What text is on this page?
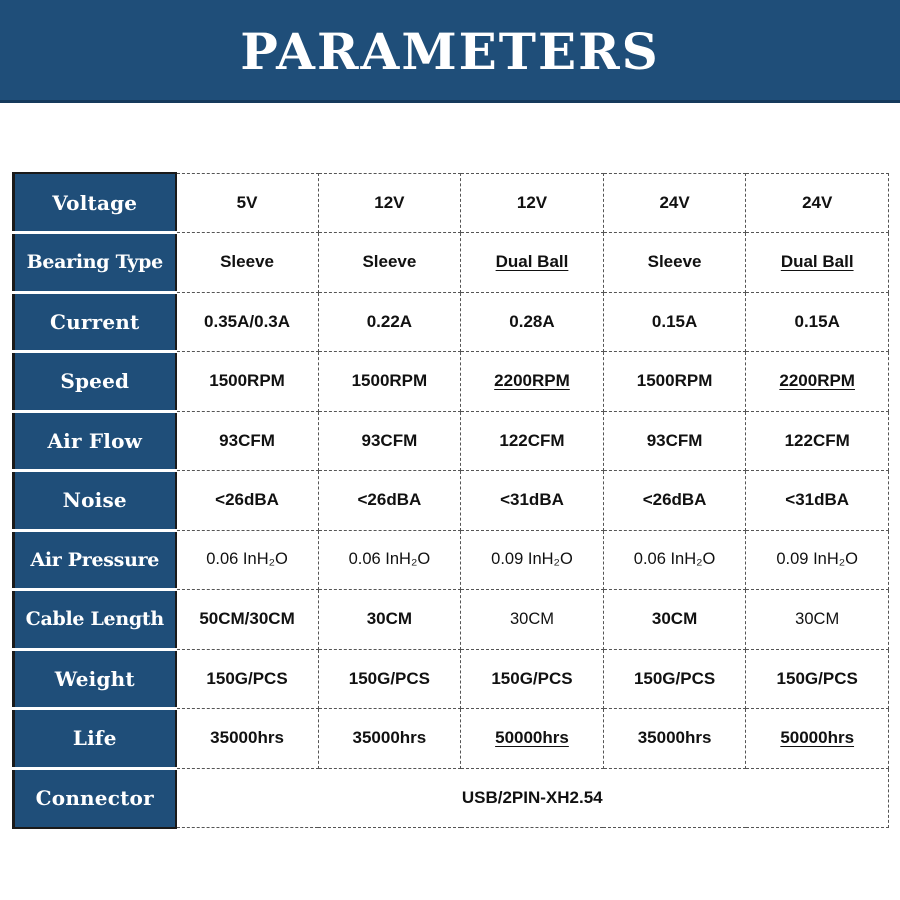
PARAMETERS
Voltage	5V	12V	12V	24V	24V
Bearing Type	Sleeve	Sleeve	Dual Ball	Sleeve	Dual Ball
Current	0.35A/0.3A	0.22A	0.28A	0.15A	0.15A
Speed	1500RPM	1500RPM	2200RPM	1500RPM	2200RPM
Air Flow	93CFM	93CFM	122CFM	93CFM	122CFM
Noise	<26dBA	<26dBA	<31dBA	<26dBA	<31dBA
Air Pressure	0.06 InH₂O	0.06 InH₂O	0.09 InH₂O	0.06 InH₂O	0.09 InH₂O
Cable Length	50CM/30CM	30CM	30CM	30CM	30CM
Weight	150G/PCS	150G/PCS	150G/PCS	150G/PCS	150G/PCS
Life	35000hrs	35000hrs	50000hrs	35000hrs	50000hrs
Connector	USB/2PIN-XH2.54				
